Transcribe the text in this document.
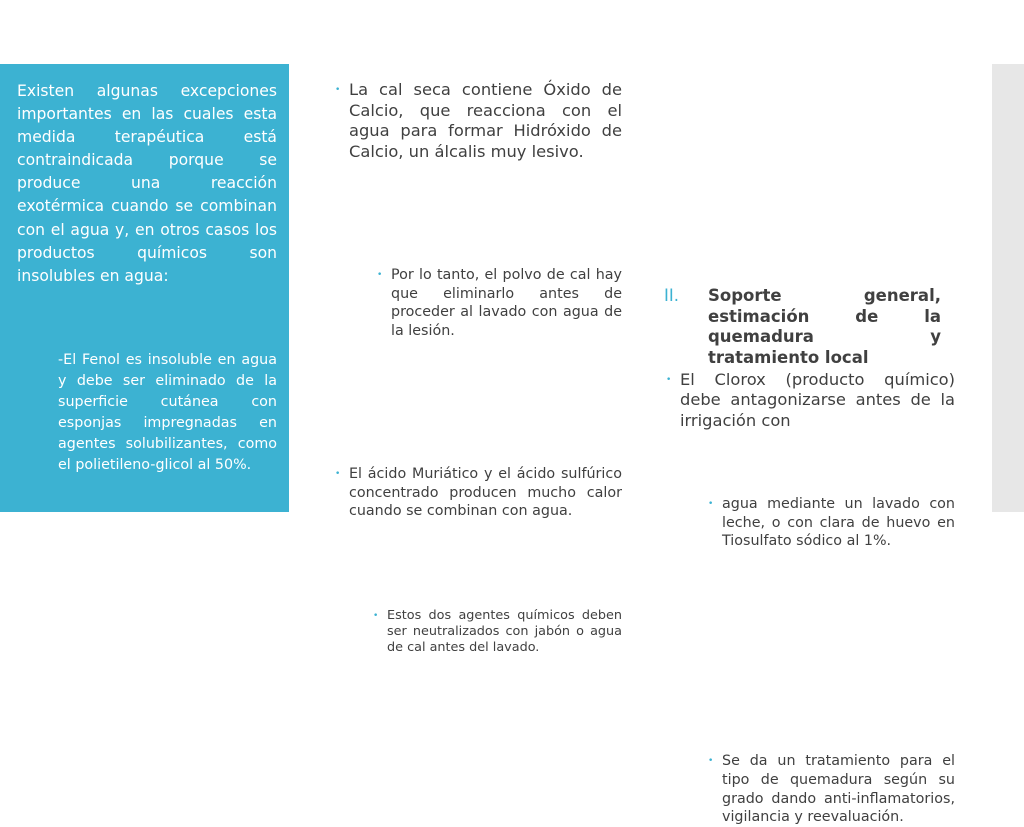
Existen algunas excepciones importantes en las cuales esta medida terapéutica está contraindicada porque se produce una reacción exotérmica cuando se combinan con el agua y, en otros casos los productos químicos son insolubles en agua:

-El Fenol es insoluble en agua y debe ser eliminado de la superficie cutánea con esponjas impregnadas en agentes solubilizantes, como el polietileno-glicol al 50%.

• La cal seca contiene Óxido de Calcio, que reacciona con el agua para formar Hidróxido de Calcio, un álcalis muy lesivo.
• Por lo tanto, el polvo de cal hay que eliminarlo antes de proceder al lavado con agua de la lesión.
• El ácido Muriático y el ácido sulfúrico concentrado producen mucho calor cuando se combinan con agua.
• Estos dos agentes químicos deben ser neutralizados con jabón o agua de cal antes del lavado.
• El Clorox (producto químico) debe antagonizarse antes de la irrigación con
• agua mediante un lavado con leche, o con clara de huevo en Tiosulfato sódico al 1%.
II. Soporte general, estimación de la quemadura y tratamiento local

• Se da un tratamiento para el tipo de quemadura según su grado dando anti-inflamatorios, vigilancia y reevaluación.
